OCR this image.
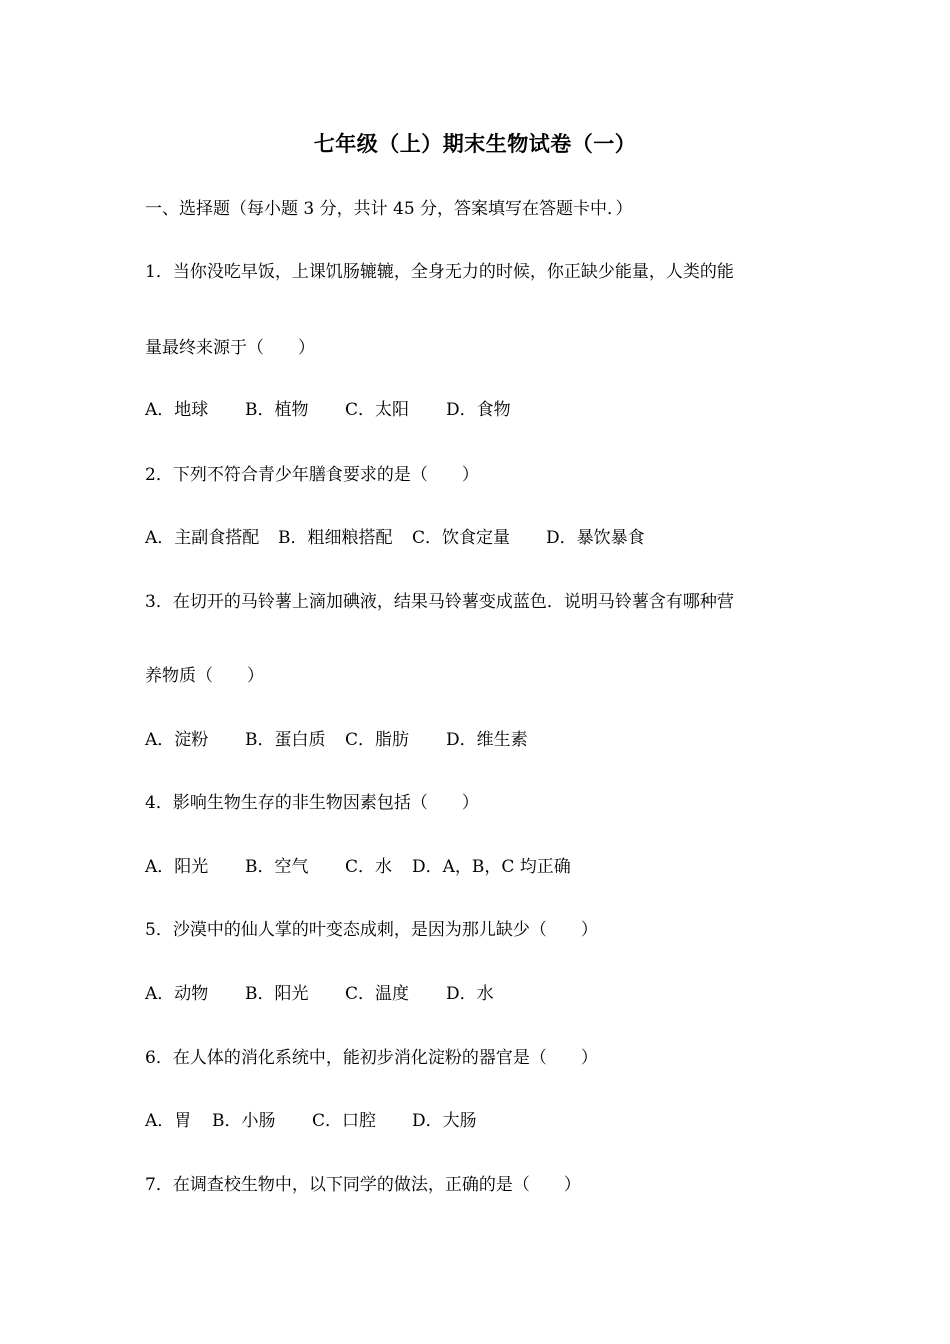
七年级（上）期末生物试卷（一）
一、选择题（每小题 3 分，共计 45 分，答案填写在答题卡中．）
1．当你没吃早饭，上课饥肠辘辘，全身无力的时候，你正缺少能量，人类的能
量最终来源于（　　）
A．地球 B．植物 C．太阳 D．食物
2．下列不符合青少年膳食要求的是（　　）
A．主副食搭配 B．粗细粮搭配 C．饮食定量 D．暴饮暴食
3．在切开的马铃薯上滴加碘液，结果马铃薯变成蓝色．说明马铃薯含有哪种营
养物质（　　）
A．淀粉 B．蛋白质 C．脂肪 D．维生素
4．影响生物生存的非生物因素包括（　　）
A．阳光 B．空气 C．水 D．A，B，C 均正确
5．沙漠中的仙人掌的叶变态成刺，是因为那儿缺少（　　）
A．动物 B．阳光 C．温度 D．水
6．在人体的消化系统中，能初步消化淀粉的器官是（　　）
A．胃 B．小肠 C．口腔 D．大肠
7．在调查校生物中，以下同学的做法，正确的是（　　）
